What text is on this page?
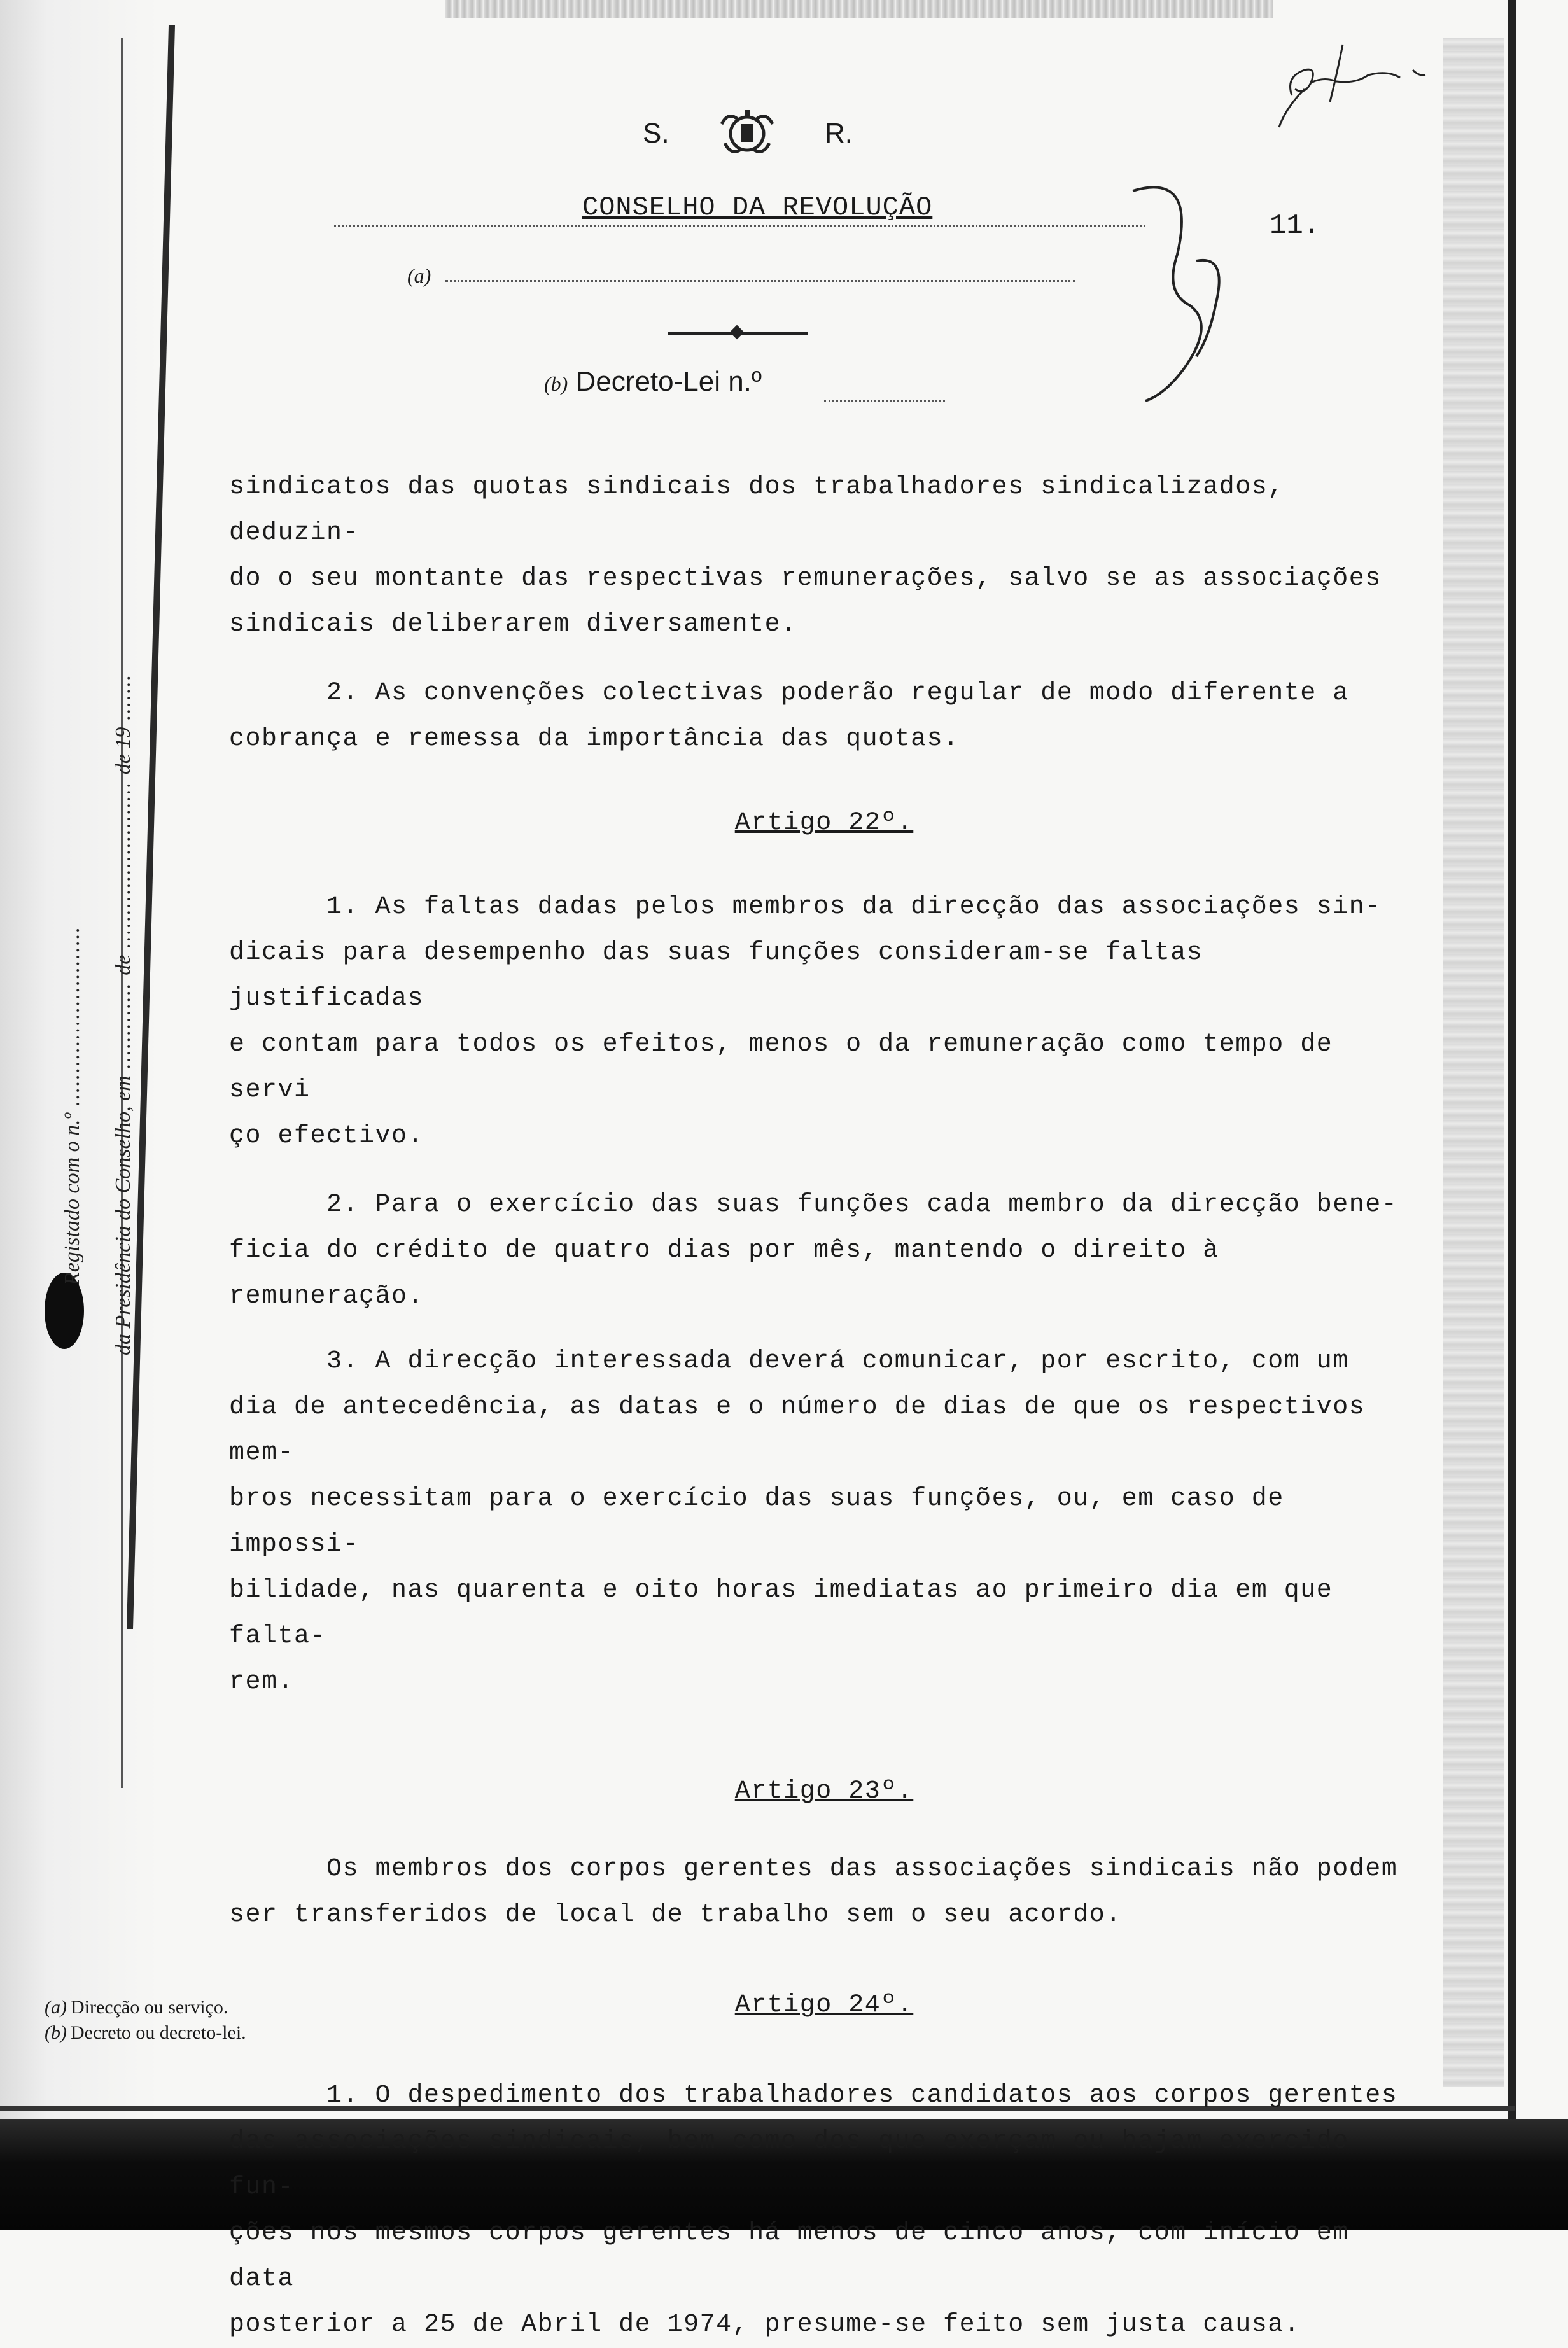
Registado com o n.º ...........................
da Presidência do Conselho, em ............. de ......................... de 19 .......
S.	R.
CONSELHO DA REVOLUÇÃO
(a)
(b) Decreto-Lei n.º
11.

sindicatos das quotas sindicais dos trabalhadores sindicalizados, deduzin-

do o seu montante das respectivas remunerações, salvo se as associações

sindicais deliberarem diversamente.

2. As convenções colectivas poderão regular de modo diferente a

cobrança e remessa da importância das quotas.

Artigo 22º.

1. As faltas dadas pelos membros da direcção das associações sin-

dicais para desempenho das suas funções consideram-se faltas justificadas

e contam para todos os efeitos, menos o da remuneração como tempo de servi

ço efectivo.

2. Para o exercício das suas funções cada membro da direcção bene-

ficia do crédito de quatro dias por mês, mantendo o direito à remuneração.

3. A direcção interessada deverá comunicar, por escrito, com um

dia de antecedência, as datas e o número de dias de que os respectivos mem-

bros necessitam para o exercício das suas funções, ou, em caso de impossi-

bilidade, nas quarenta e oito horas imediatas ao primeiro dia em que falta-

rem.

Artigo 23º.

Os membros dos corpos gerentes das associações sindicais não podem

ser transferidos de local de trabalho sem o seu acordo.

Artigo 24º.

1. O despedimento dos trabalhadores candidatos aos corpos gerentes

das associações sindicais, bem como dos que exerçam ou hajam exercido fun-

ções nos mesmos corpos gerentes há menos de cinco anos, com início em data

posterior a 25 de Abril de 1974, presume-se feito sem justa causa.

(a) Direcção ou serviço.
(b) Decreto ou decreto-lei.
